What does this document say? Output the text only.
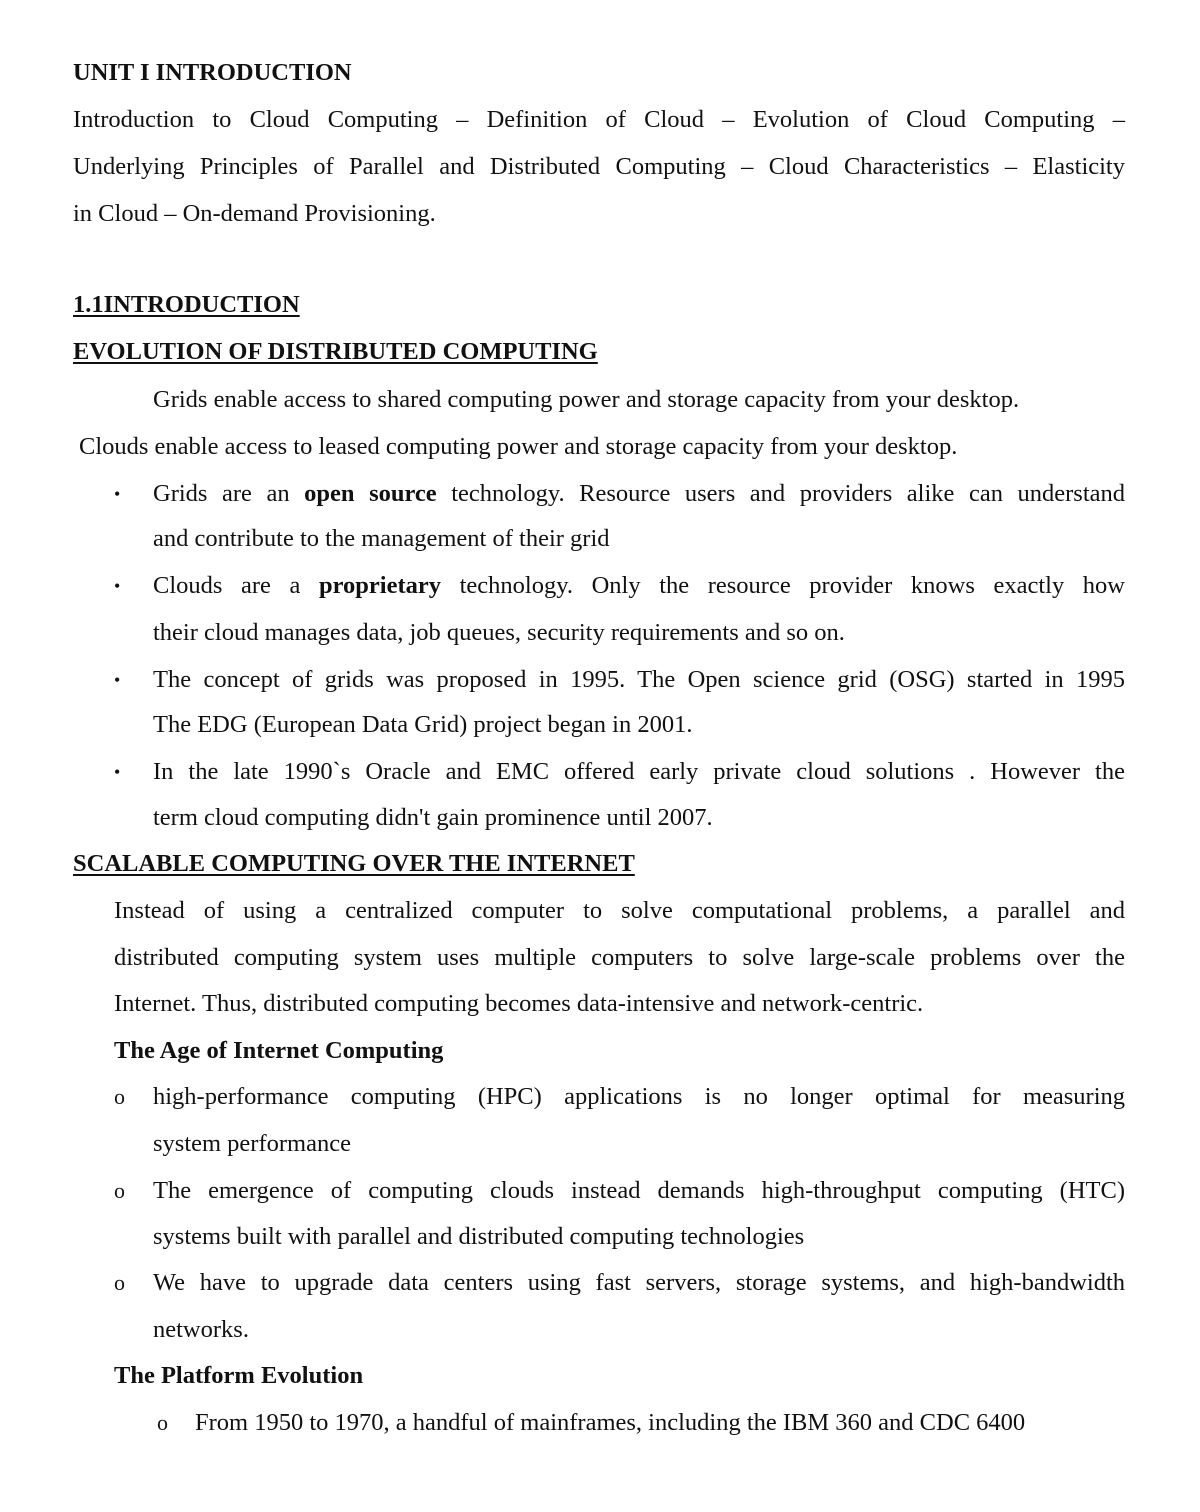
UNIT I INTRODUCTION
Introduction to Cloud Computing – Definition of Cloud – Evolution of Cloud Computing –
Underlying Principles of Parallel and Distributed Computing – Cloud Characteristics – Elasticity
in Cloud – On-demand Provisioning.
1.1INTRODUCTION
EVOLUTION OF DISTRIBUTED COMPUTING
Grids enable access to shared computing power and storage capacity from your desktop.
Clouds enable access to leased computing power and storage capacity from your desktop.
• Grids are an open source technology. Resource users and providers alike can understand
and contribute to the management of their grid
• Clouds are a proprietary technology. Only the resource provider knows exactly how
their cloud manages data, job queues, security requirements and so on.
• The concept of grids was proposed in 1995. The Open science grid (OSG) started in 1995
The EDG (European Data Grid) project began in 2001.
• In the late 1990`s Oracle and EMC offered early private cloud solutions . However the
term cloud computing didn't gain prominence until 2007.
SCALABLE COMPUTING OVER THE INTERNET
Instead of using a centralized computer to solve computational problems, a parallel and
distributed computing system uses multiple computers to solve large-scale problems over the
Internet. Thus, distributed computing becomes data-intensive and network-centric.
The Age of Internet Computing
o high-performance computing (HPC) applications is no longer optimal for measuring
system performance
o The emergence of computing clouds instead demands high-throughput computing (HTC)
systems built with parallel and distributed computing technologies
o We have to upgrade data centers using fast servers, storage systems, and high-bandwidth
networks.
The Platform Evolution
o From 1950 to 1970, a handful of mainframes, including the IBM 360 and CDC 6400
